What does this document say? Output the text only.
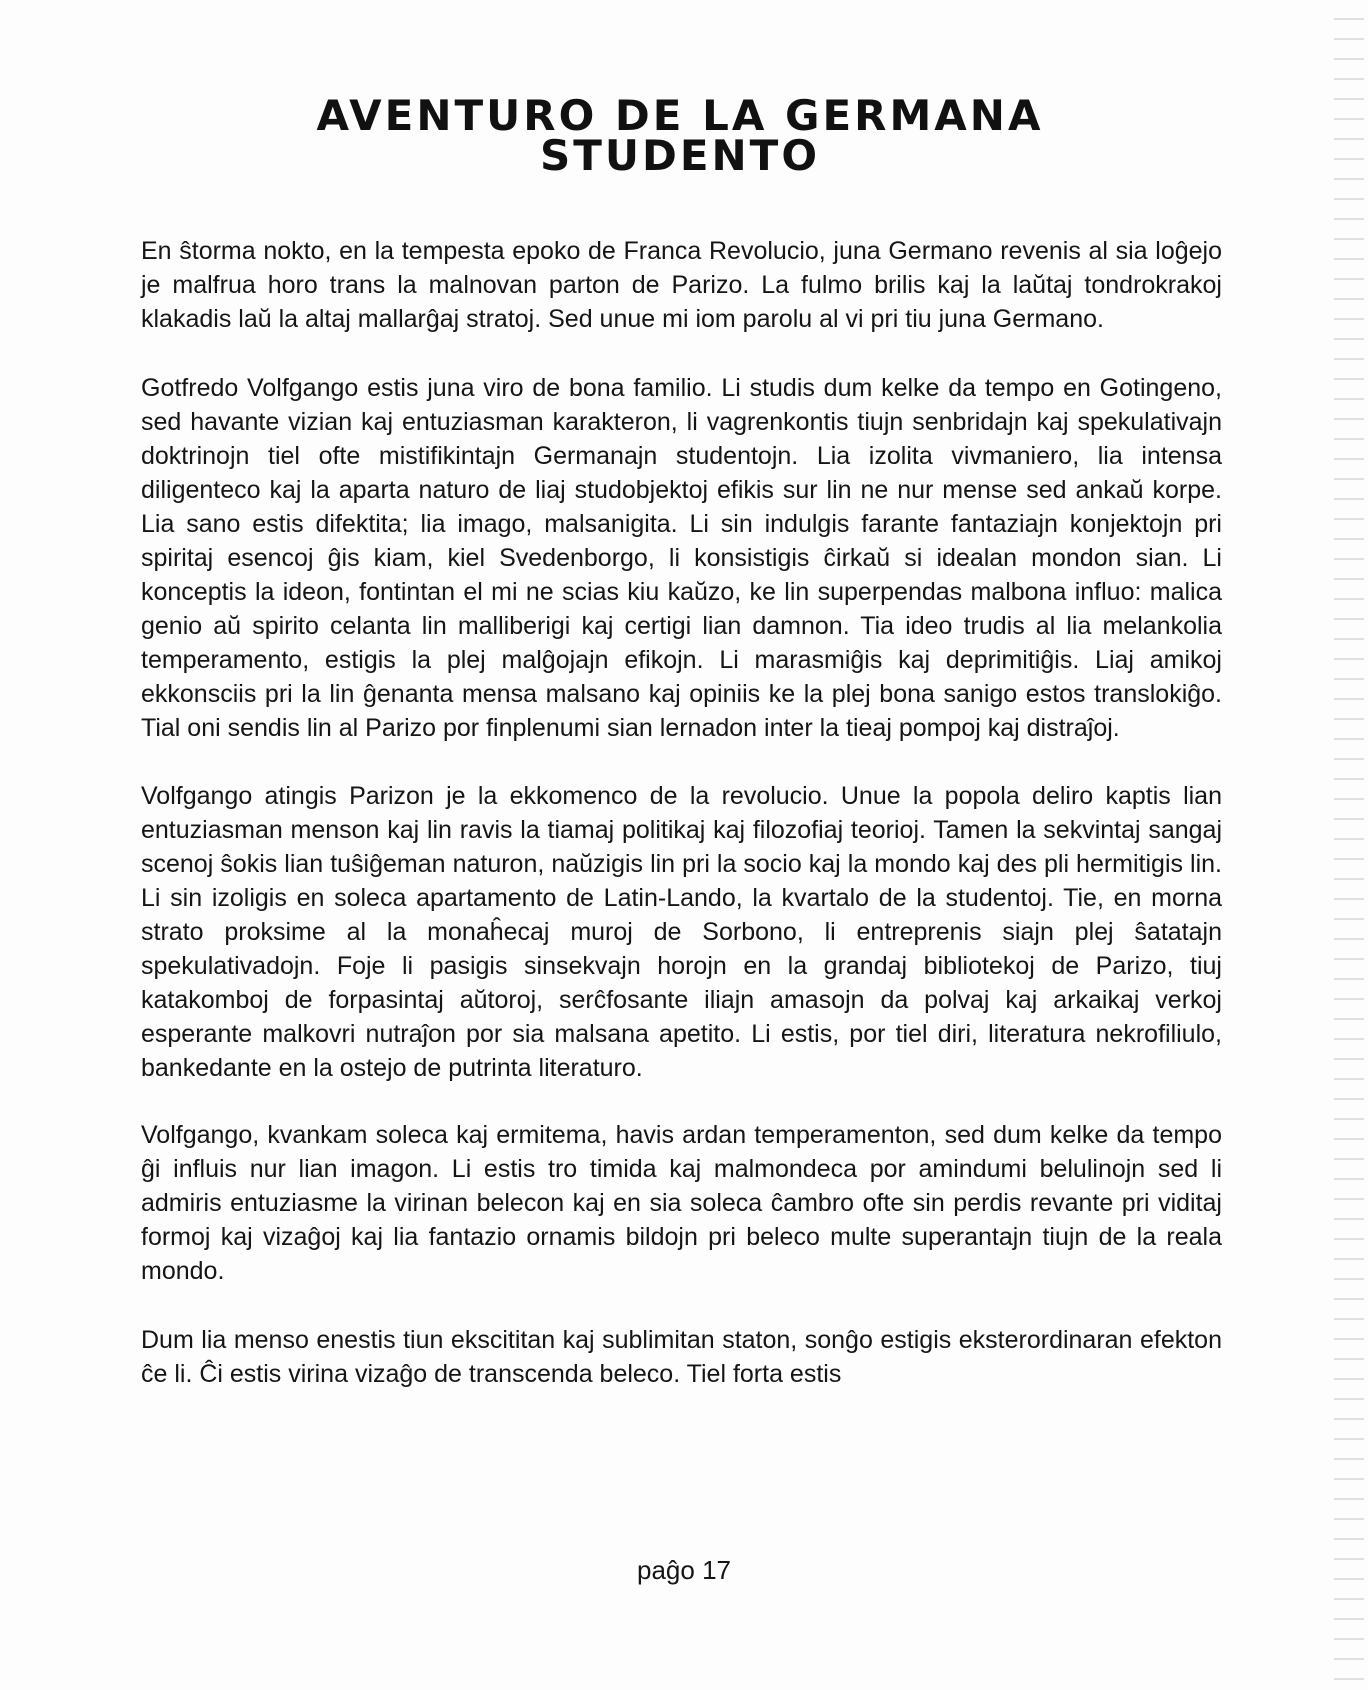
AVENTURO DE LA GERMANA
STUDENTO

En ŝtorma nokto, en la tempesta epoko de Franca Revolucio, juna Germano revenis al sia loĝejo je malfrua horo trans la malnovan parton de Parizo. La fulmo brilis kaj la laŭtaj tondrokrakoj klakadis laŭ la altaj mallarĝaj stratoj. Sed unue mi iom parolu al vi pri tiu juna Germano.

Gotfredo Volfgango estis juna viro de bona familio. Li studis dum kelke da tempo en Gotingeno, sed havante vizian kaj entuziasman karakteron, li vagrenkontis tiujn senbridajn kaj spekulativajn doktrinojn tiel ofte mistifikintajn Germanajn studentojn. Lia izolita vivmaniero, lia intensa diligenteco kaj la aparta naturo de liaj studobjektoj efikis sur lin ne nur mense sed ankaŭ korpe. Lia sano estis difektita; lia imago, malsanigita. Li sin indulgis farante fantaziajn konjektojn pri spiritaj esencoj ĝis kiam, kiel Svedenborgo, li konsistigis ĉirkaŭ si idealan mondon sian. Li konceptis la ideon, fontintan el mi ne scias kiu kaŭzo, ke lin superpendas malbona influo: malica genio aŭ spirito celanta lin malliberigi kaj certigi lian damnon. Tia ideo trudis al lia melankolia temperamento, estigis la plej malĝojajn efikojn. Li marasmiĝis kaj deprimitiĝis. Liaj amikoj ekkonsciis pri la lin ĝenanta mensa malsano kaj opiniis ke la plej bona sanigo estos translokiĝo. Tial oni sendis lin al Parizo por finplenumi sian lernadon inter la tieaj pompoj kaj distraĵoj.

Volfgango atingis Parizon je la ekkomenco de la revolucio. Unue la popola deliro kaptis lian entuziasman menson kaj lin ravis la tiamaj politikaj kaj filozofiaj teorioj. Tamen la sekvintaj sangaj scenoj ŝokis lian tuŝiĝeman naturon, naŭzigis lin pri la socio kaj la mondo kaj des pli hermitigis lin. Li sin izoligis en soleca apartamento de Latin-Lando, la kvartalo de la studentoj. Tie, en morna strato proksime al la monaĥecaj muroj de Sorbono, li entreprenis siajn plej ŝatatajn spekulativadojn. Foje li pasigis sinsekvajn horojn en la grandaj bibliotekoj de Parizo, tiuj katakomboj de forpasintaj aŭtoroj, serĉfosante iliajn amasojn da polvaj kaj arkaikaj verkoj esperante malkovri nutraĵon por sia malsana apetito. Li estis, por tiel diri, literatura nekrofiliulo, bankedante en la ostejo de putrinta literaturo.

Volfgango, kvankam soleca kaj ermitema, havis ardan temperamenton, sed dum kelke da tempo ĝi influis nur lian imagon. Li estis tro timida kaj malmondeca por amindumi belulinojn sed li admiris entuziasme la virinan belecon kaj en sia soleca ĉambro ofte sin perdis revante pri viditaj formoj kaj vizaĝoj kaj lia fantazio ornamis bildojn pri beleco multe superantajn tiujn de la reala mondo.

Dum lia menso enestis tiun ekscititan kaj sublimitan staton, sonĝo estigis eksterordinaran efekton ĉe li. Ĉi estis virina vizaĝo de transcenda beleco. Tiel forta estis

paĝo 17
